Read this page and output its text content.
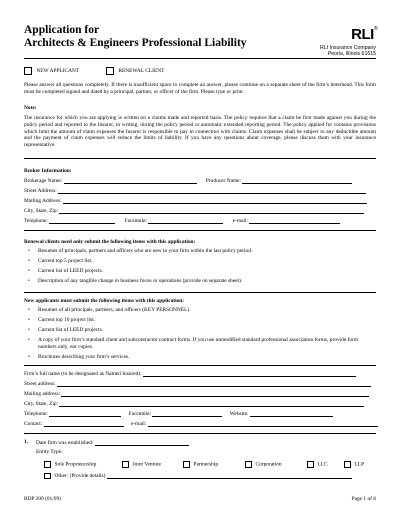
Application for
Architects & Engineers Professional Liability	RLI®
RLI Insurance Company
Peoria, Illinois 61615
NEW APPLICANT	RENEWAL CLIENT
Please answer all questions completely. If there is insufficient space to complete an answer, please continue on a separate sheet of the firm’s letterhead. This form must be completed signed and dated by a principal, partner, or officer of the firm. Please type or print.
Note:
The insurance for which you are applying is written on a claims made and reported basis. The policy requires that a claim be first made against you during the policy period and reported to the Insurer, in writing, during the policy period or automatic extended reporting period. The policy applied for contains provisions which limit the amount of claim expenses the Insurer is responsible to pay in connection with claims. Claim expenses shall be subject to any deductible amount and the payment of claim expenses will reduce the limits of liability. If you have any questions about coverage, please discuss them with your insurance representative.
Broker Information:
Brokerage Name:	Producer Name:
Street Address:
Mailing Address:
City, State, Zip:
Telephone:	Facsimile:	e-mail:
Renewal clients need only submit the following items with this application:
• Resumes of principals, partners and officers who are new to your firm within the last policy period.
• Current top 5 project list.
• Current list of LEED projects.
• Description of any tangible change in business focus or operations (provide on separate sheet).
New applicants must submit the following items with this application:
• Resumes of all principals, partners, and officers (KEY PERSONNEL).
• Current top 10 project list.
• Current list of LEED projects.
• A copy of your firm’s standard client and subcontractor contract forms. If you use unmodified standard professional association forms, provide form numbers only, not copies.
• Brochures describing your firm’s services.
Firm’s full name (to be designated as Named Insured):
Street address:
Mailing address:
City, State, Zip:
Telephone:	Facsimile:	Website:
Contact:	e-mail:
1. Date firm was established:
Entity Type:
Sole Proprietorship	Joint Venture	Partnership	Corporation	LLC	LLP
Other: (Provide details)
RDP 200 (01/09)	Page 1 of 8
